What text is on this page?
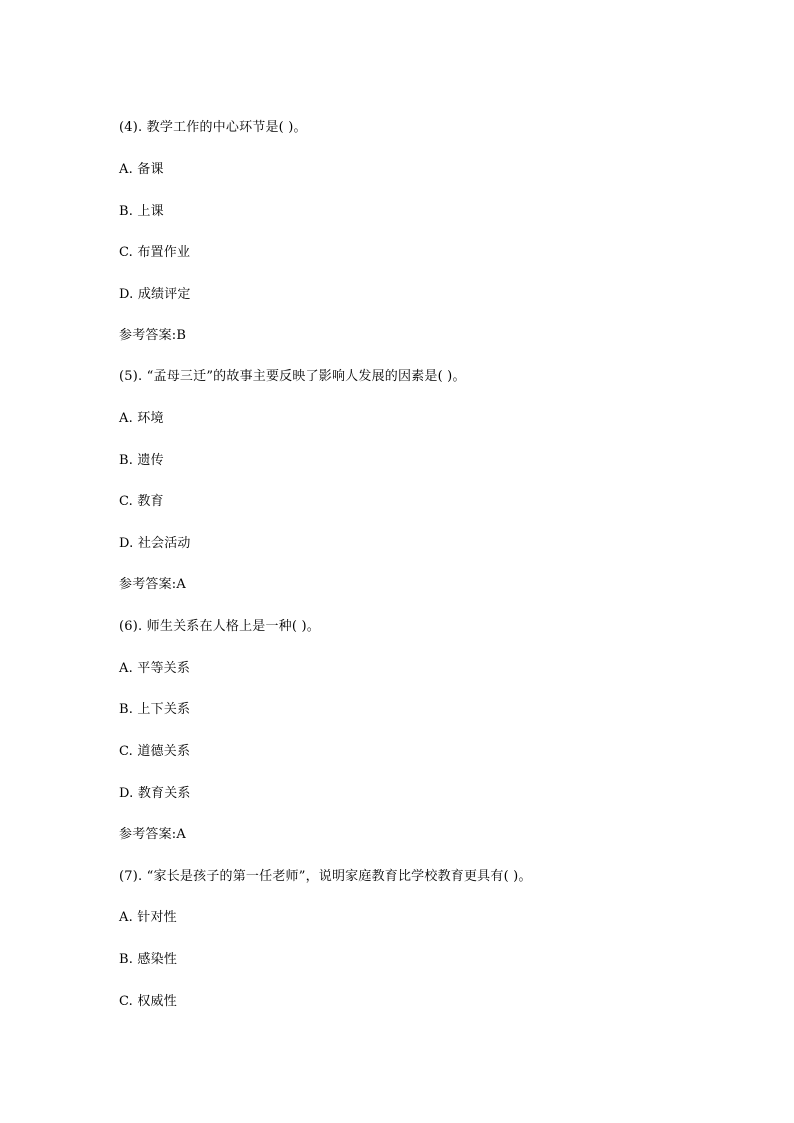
(4). 教学工作的中心环节是( )。
A. 备课
B. 上课
C. 布置作业
D. 成绩评定
参考答案:B
(5). “孟母三迁”的故事主要反映了影响人发展的因素是( )。
A. 环境
B. 遗传
C. 教育
D. 社会活动
参考答案:A
(6). 师生关系在人格上是一种( )。
A. 平等关系
B. 上下关系
C. 道德关系
D. 教育关系
参考答案:A
(7). “家长是孩子的第一任老师”，说明家庭教育比学校教育更具有( )。
A. 针对性
B. 感染性
C. 权威性
